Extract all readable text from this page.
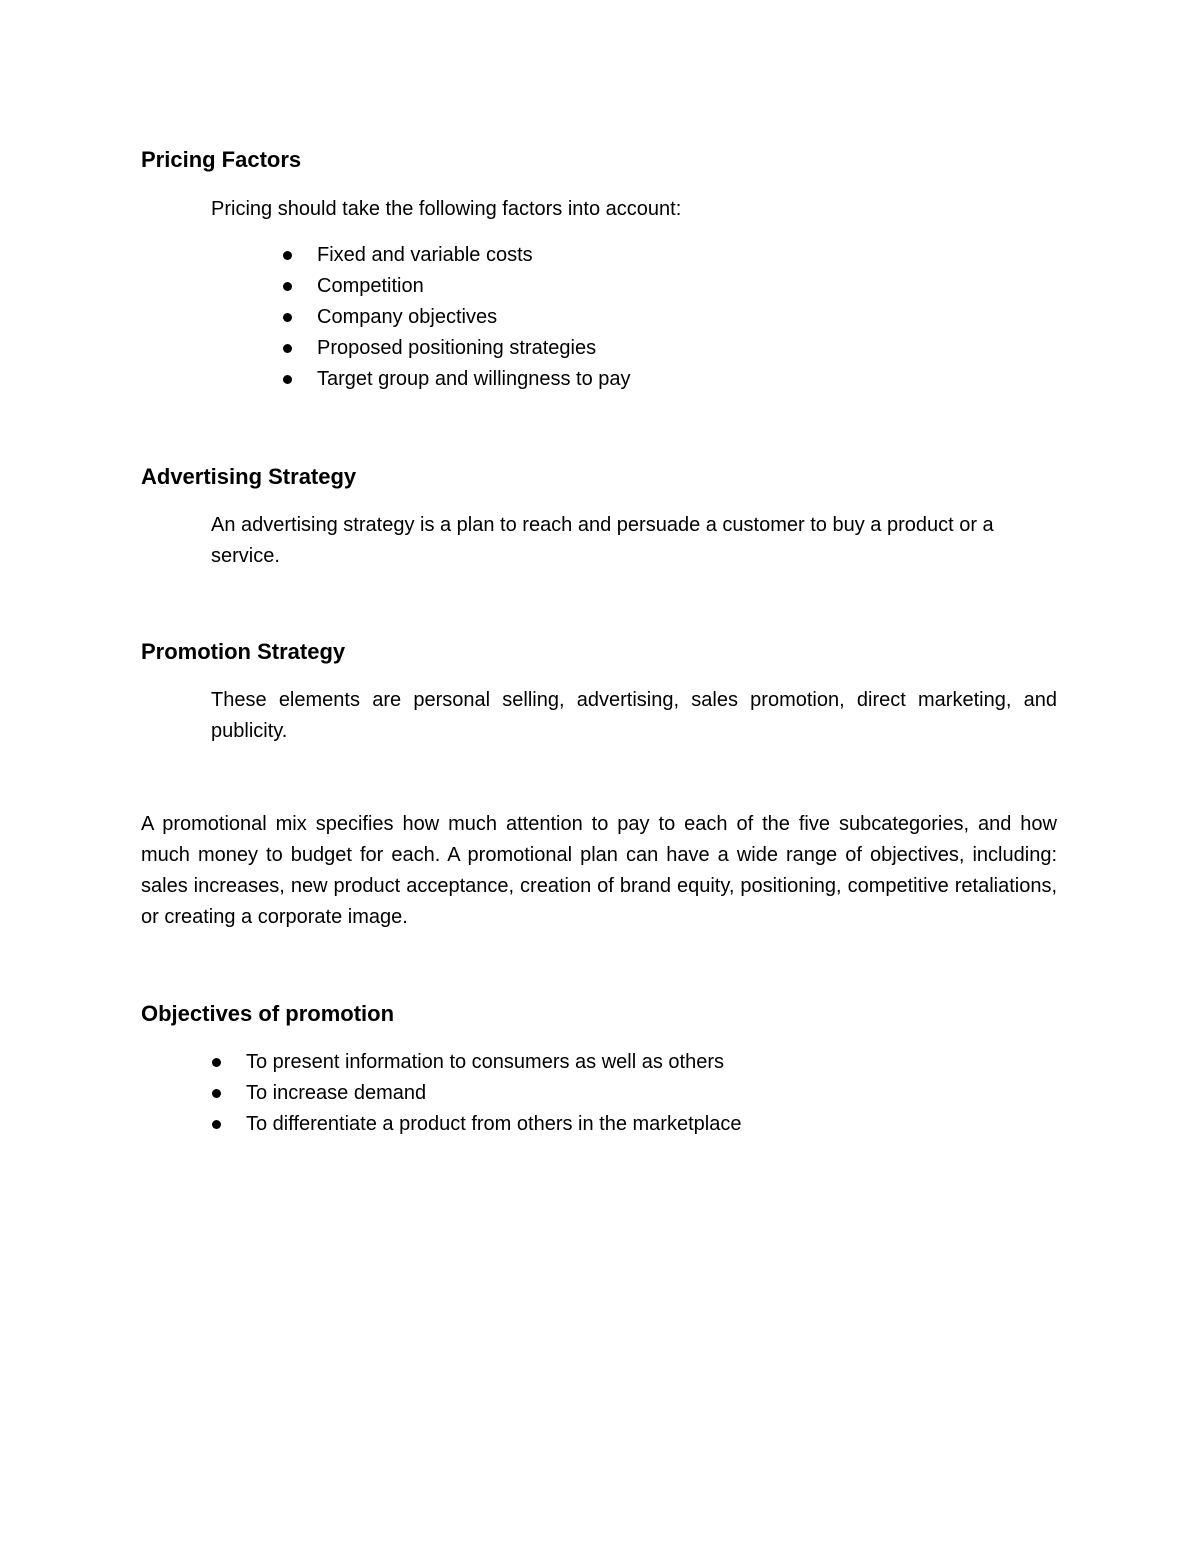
Pricing Factors

Pricing should take the following factors into account:

Fixed and variable costs
Competition
Company objectives
Proposed positioning strategies
Target group and willingness to pay
Advertising Strategy

An advertising strategy is a plan to reach and persuade a customer to buy a product or a service.

Promotion Strategy

These elements are personal selling, advertising, sales promotion, direct marketing, and publicity.

A promotional mix specifies how much attention to pay to each of the five subcategories, and how much money to budget for each. A promotional plan can have a wide range of objectives, including: sales increases, new product acceptance, creation of brand equity, positioning, competitive retaliations, or creating a corporate image.

Objectives of promotion
To present information to consumers as well as others
To increase demand
To differentiate a product from others in the marketplace
